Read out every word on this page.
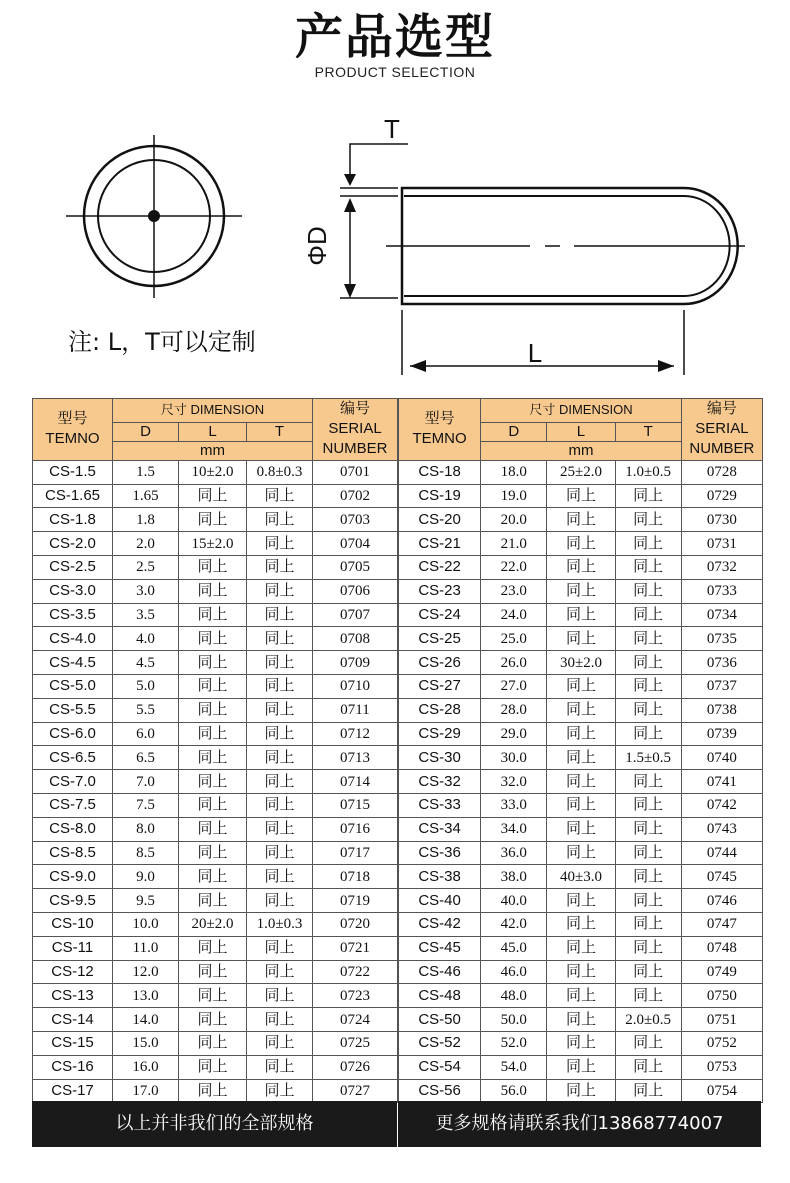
产品选型
PRODUCT SELECTION
T
ΦD
L
注: L，T可以定制
型号
TEMNO	尺寸 DIMENSION			编号
SERIAL
NUMBER
	D	L	T	
	mm			
CS-1.5	1.5	10±2.0	0.8±0.3	0701
CS-1.65	1.65	同上	同上	0702
CS-1.8	1.8	同上	同上	0703
CS-2.0	2.0	15±2.0	同上	0704
CS-2.5	2.5	同上	同上	0705
CS-3.0	3.0	同上	同上	0706
CS-3.5	3.5	同上	同上	0707
CS-4.0	4.0	同上	同上	0708
CS-4.5	4.5	同上	同上	0709
CS-5.0	5.0	同上	同上	0710
CS-5.5	5.5	同上	同上	0711
CS-6.0	6.0	同上	同上	0712
CS-6.5	6.5	同上	同上	0713
CS-7.0	7.0	同上	同上	0714
CS-7.5	7.5	同上	同上	0715
CS-8.0	8.0	同上	同上	0716
CS-8.5	8.5	同上	同上	0717
CS-9.0	9.0	同上	同上	0718
CS-9.5	9.5	同上	同上	0719
CS-10	10.0	20±2.0	1.0±0.3	0720
CS-11	11.0	同上	同上	0721
CS-12	12.0	同上	同上	0722
CS-13	13.0	同上	同上	0723
CS-14	14.0	同上	同上	0724
CS-15	15.0	同上	同上	0725
CS-16	16.0	同上	同上	0726
CS-17	17.0	同上	同上	0727
型号
TEMNO	尺寸 DIMENSION			编号
SERIAL
NUMBER
	D	L	T	
	mm			
CS-18	18.0	25±2.0	1.0±0.5	0728
CS-19	19.0	同上	同上	0729
CS-20	20.0	同上	同上	0730
CS-21	21.0	同上	同上	0731
CS-22	22.0	同上	同上	0732
CS-23	23.0	同上	同上	0733
CS-24	24.0	同上	同上	0734
CS-25	25.0	同上	同上	0735
CS-26	26.0	30±2.0	同上	0736
CS-27	27.0	同上	同上	0737
CS-28	28.0	同上	同上	0738
CS-29	29.0	同上	同上	0739
CS-30	30.0	同上	1.5±0.5	0740
CS-32	32.0	同上	同上	0741
CS-33	33.0	同上	同上	0742
CS-34	34.0	同上	同上	0743
CS-36	36.0	同上	同上	0744
CS-38	38.0	40±3.0	同上	0745
CS-40	40.0	同上	同上	0746
CS-42	42.0	同上	同上	0747
CS-45	45.0	同上	同上	0748
CS-46	46.0	同上	同上	0749
CS-48	48.0	同上	同上	0750
CS-50	50.0	同上	2.0±0.5	0751
CS-52	52.0	同上	同上	0752
CS-54	54.0	同上	同上	0753
CS-56	56.0	同上	同上	0754
以上并非我们的全部规格	更多规格请联系我们13868774007
